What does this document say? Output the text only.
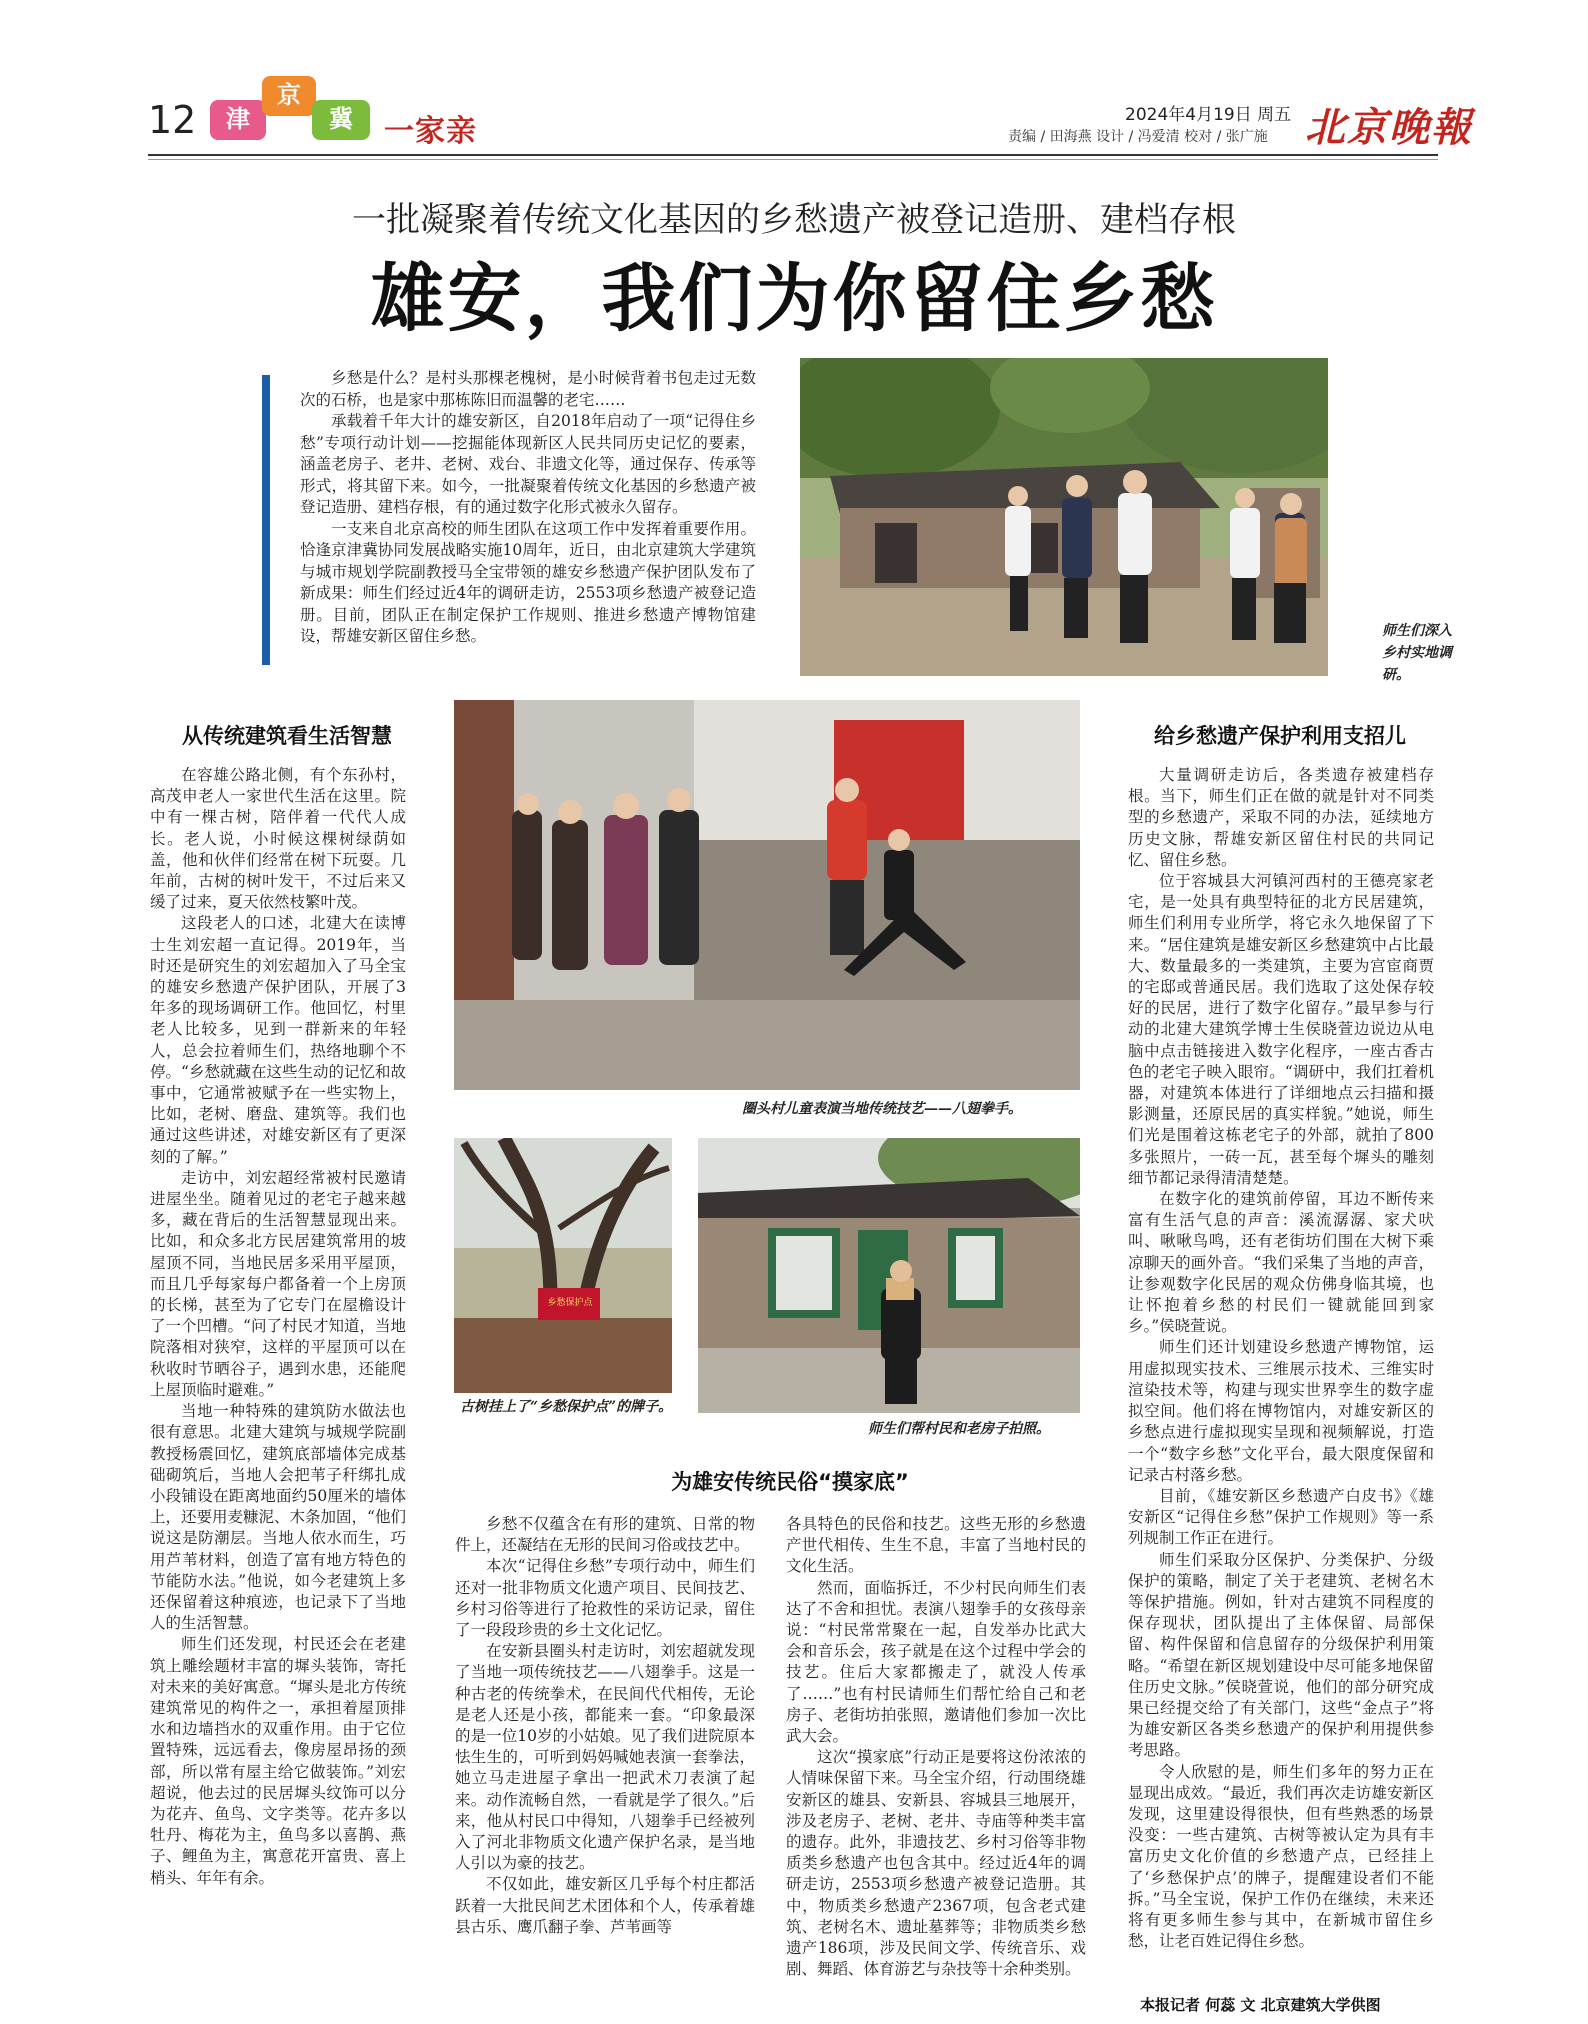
12	津
京
冀	一家亲	2024年4月19日 周五
责编 / 田海燕 设计 / 冯爱清 校对 / 张广施 北京晚報
一批凝聚着传统文化基因的乡愁遗产被登记造册、建档存根
雄安，我们为你留住乡愁

乡愁是什么？是村头那棵老槐树，是小时候背着书包走过无数次的石桥，也是家中那栋陈旧而温馨的老宅……

承载着千年大计的雄安新区，自2018年启动了一项“记得住乡愁”专项行动计划——挖掘能体现新区人民共同历史记忆的要素，涵盖老房子、老井、老树、戏台、非遗文化等，通过保存、传承等形式，将其留下来。如今，一批凝聚着传统文化基因的乡愁遗产被登记造册、建档存根，有的通过数字化形式被永久留存。

一支来自北京高校的师生团队在这项工作中发挥着重要作用。恰逢京津冀协同发展战略实施10周年，近日，由北京建筑大学建筑与城市规划学院副教授马全宝带领的雄安乡愁遗产保护团队发布了新成果：师生们经过近4年的调研走访，2553项乡愁遗产被登记造册。目前，团队正在制定保护工作规则、推进乡愁遗产博物馆建设，帮雄安新区留住乡愁。	师生们深入乡村实地调研。
从传统建筑看生活智慧

在容雄公路北侧，有个东孙村，高茂申老人一家世代生活在这里。院中有一棵古树，陪伴着一代代人成长。老人说，小时候这棵树绿荫如盖，他和伙伴们经常在树下玩耍。几年前，古树的树叶发干，不过后来又缓了过来，夏天依然枝繁叶茂。

这段老人的口述，北建大在读博士生刘宏超一直记得。2019年，当时还是研究生的刘宏超加入了马全宝的雄安乡愁遗产保护团队，开展了3年多的现场调研工作。他回忆，村里老人比较多，见到一群新来的年轻人，总会拉着师生们，热络地聊个不停。“乡愁就藏在这些生动的记忆和故事中，它通常被赋予在一些实物上，比如，老树、磨盘、建筑等。我们也通过这些讲述，对雄安新区有了更深刻的了解。”

走访中，刘宏超经常被村民邀请进屋坐坐。随着见过的老宅子越来越多，藏在背后的生活智慧显现出来。比如，和众多北方民居建筑常用的坡屋顶不同，当地民居多采用平屋顶，而且几乎每家每户都备着一个上房顶的长梯，甚至为了它专门在屋檐设计了一个凹槽。“问了村民才知道，当地院落相对狭窄，这样的平屋顶可以在秋收时节晒谷子，遇到水患，还能爬上屋顶临时避难。”

当地一种特殊的建筑防水做法也很有意思。北建大建筑与城规学院副教授杨震回忆，建筑底部墙体完成基础砌筑后，当地人会把苇子秆绑扎成小段铺设在距离地面约50厘米的墙体上，还要用麦糠泥、木条加固，“他们说这是防潮层。当地人依水而生，巧用芦苇材料，创造了富有地方特色的节能防水法。”他说，如今老建筑上多还保留着这种痕迹，也记录下了当地人的生活智慧。

师生们还发现，村民还会在老建筑上雕绘题材丰富的墀头装饰，寄托对未来的美好寓意。“墀头是北方传统建筑常见的构件之一，承担着屋顶排水和边墙挡水的双重作用。由于它位置特殊，远远看去，像房屋昂扬的颈部，所以常有屋主给它做装饰。”刘宏超说，他去过的民居墀头纹饰可以分为花卉、鱼鸟、文字类等。花卉多以牡丹、梅花为主，鱼鸟多以喜鹊、燕子、鲤鱼为主，寓意花开富贵、喜上梢头、年年有余。

圈头村儿童表演当地传统技艺——八翅拳手。
乡愁保护点
古树挂上了“乡愁保护点”的牌子。
师生们帮村民和老房子拍照。
为雄安传统民俗“摸家底”

乡愁不仅蕴含在有形的建筑、日常的物件上，还凝结在无形的民间习俗或技艺中。

本次“记得住乡愁”专项行动中，师生们还对一批非物质文化遗产项目、民间技艺、乡村习俗等进行了抢救性的采访记录，留住了一段段珍贵的乡土文化记忆。

在安新县圈头村走访时，刘宏超就发现了当地一项传统技艺——八翅拳手。这是一种古老的传统拳术，在民间代代相传，无论是老人还是小孩，都能来一套。“印象最深的是一位10岁的小姑娘。见了我们进院原本怯生生的，可听到妈妈喊她表演一套拳法，她立马走进屋子拿出一把武术刀表演了起来。动作流畅自然，一看就是学了很久。”后来，他从村民口中得知，八翅拳手已经被列入了河北非物质文化遗产保护名录，是当地人引以为豪的技艺。

不仅如此，雄安新区几乎每个村庄都活跃着一大批民间艺术团体和个人，传承着雄县古乐、鹰爪翻子拳、芦苇画等

各具特色的民俗和技艺。这些无形的乡愁遗产世代相传、生生不息，丰富了当地村民的文化生活。

然而，面临拆迁，不少村民向师生们表达了不舍和担忧。表演八翅拳手的女孩母亲说：“村民常常聚在一起，自发举办比武大会和音乐会，孩子就是在这个过程中学会的技艺。住后大家都搬走了，就没人传承了……”也有村民请师生们帮忙给自己和老房子、老街坊拍张照，邀请他们参加一次比武大会。

这次“摸家底”行动正是要将这份浓浓的人情味保留下来。马全宝介绍，行动围绕雄安新区的雄县、安新县、容城县三地展开，涉及老房子、老树、老井、寺庙等种类丰富的遗存。此外，非遗技艺、乡村习俗等非物质类乡愁遗产也包含其中。经过近4年的调研走访，2553项乡愁遗产被登记造册。其中，物质类乡愁遗产2367项，包含老式建筑、老树名木、遗址墓葬等；非物质类乡愁遗产186项，涉及民间文学、传统音乐、戏剧、舞蹈、体育游艺与杂技等十余种类别。

给乡愁遗产保护利用支招儿

大量调研走访后，各类遗存被建档存根。当下，师生们正在做的就是针对不同类型的乡愁遗产，采取不同的办法，延续地方历史文脉，帮雄安新区留住村民的共同记忆、留住乡愁。

位于容城县大河镇河西村的王德亮家老宅，是一处具有典型特征的北方民居建筑，师生们利用专业所学，将它永久地保留了下来。“居住建筑是雄安新区乡愁建筑中占比最大、数量最多的一类建筑，主要为宫宦商贾的宅邸或普通民居。我们选取了这处保存较好的民居，进行了数字化留存。”最早参与行动的北建大建筑学博士生侯晓萱边说边从电脑中点击链接进入数字化程序，一座古香古色的老宅子映入眼帘。“调研中，我们扛着机器，对建筑本体进行了详细地点云扫描和摄影测量，还原民居的真实样貌。”她说，师生们光是围着这栋老宅子的外部，就拍了800多张照片，一砖一瓦，甚至每个墀头的雕刻细节都记录得清清楚楚。

在数字化的建筑前停留，耳边不断传来富有生活气息的声音：溪流潺潺、家犬吠叫、啾啾鸟鸣，还有老街坊们围在大树下乘凉聊天的画外音。“我们采集了当地的声音，让参观数字化民居的观众仿佛身临其境，也让怀抱着乡愁的村民们一键就能回到家乡。”侯晓萱说。

师生们还计划建设乡愁遗产博物馆，运用虚拟现实技术、三维展示技术、三维实时渲染技术等，构建与现实世界孪生的数字虚拟空间。他们将在博物馆内，对雄安新区的乡愁点进行虚拟现实呈现和视频解说，打造一个“数字乡愁”文化平台，最大限度保留和记录古村落乡愁。

目前，《雄安新区乡愁遗产白皮书》《雄安新区“记得住乡愁”保护工作规则》等一系列规制工作正在进行。

师生们采取分区保护、分类保护、分级保护的策略，制定了关于老建筑、老树名木等保护措施。例如，针对古建筑不同程度的保存现状，团队提出了主体保留、局部保留、构件保留和信息留存的分级保护利用策略。“希望在新区规划建设中尽可能多地保留住历史文脉。”侯晓萱说，他们的部分研究成果已经提交给了有关部门，这些“金点子”将为雄安新区各类乡愁遗产的保护利用提供参考思路。

令人欣慰的是，师生们多年的努力正在显现出成效。“最近，我们再次走访雄安新区发现，这里建设得很快，但有些熟悉的场景没变：一些古建筑、古树等被认定为具有丰富历史文化价值的乡愁遗产点，已经挂上了‘乡愁保护点’的牌子，提醒建设者们不能拆。”马全宝说，保护工作仍在继续，未来还将有更多师生参与其中，在新城市留住乡愁，让老百姓记得住乡愁。

本报记者 何蕊 文 北京建筑大学供图
